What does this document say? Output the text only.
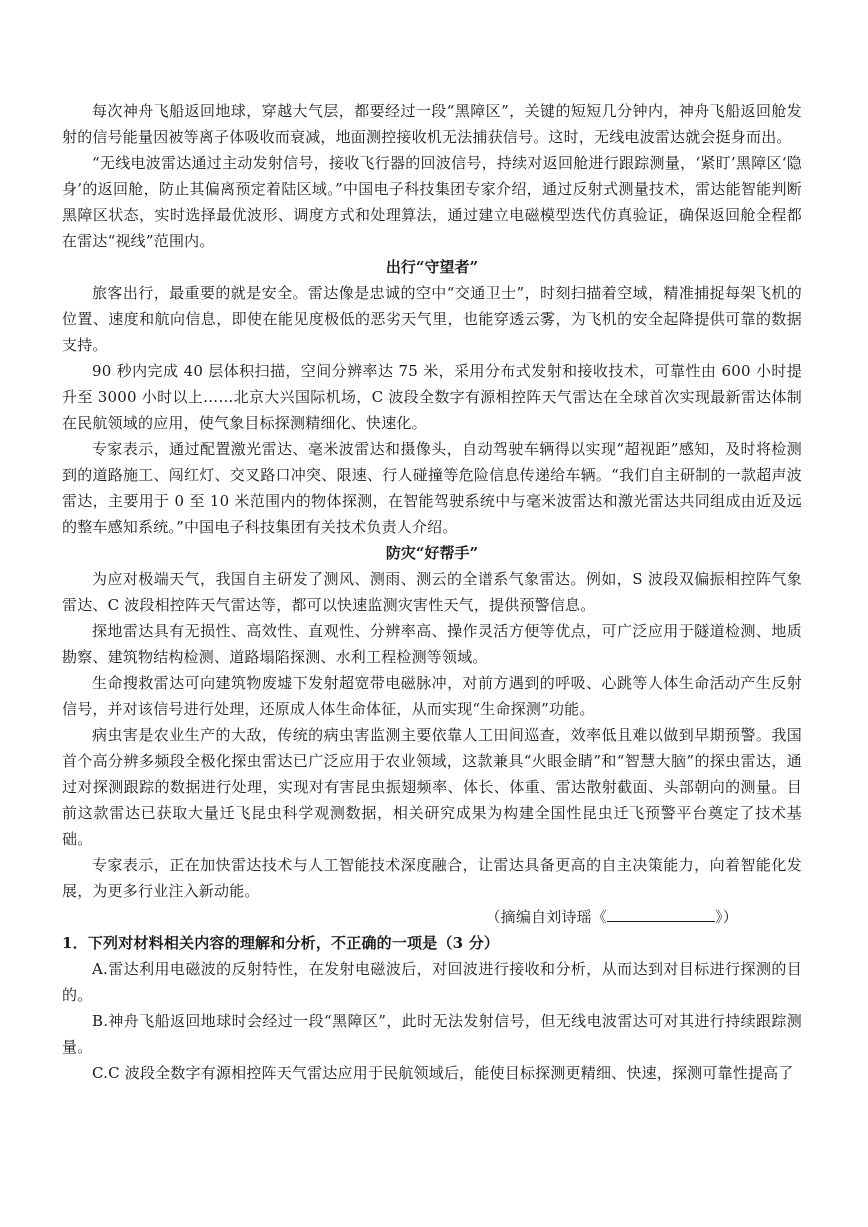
每次神舟飞船返回地球，穿越大气层，都要经过一段“黑障区”，关键的短短几分钟内，神舟飞船返回舱发射的信号能量因被等离子体吸收而衰减，地面测控接收机无法捕获信号。这时，无线电波雷达就会挺身而出。

“无线电波雷达通过主动发射信号，接收飞行器的回波信号，持续对返回舱进行跟踪测量，‘紧盯’黑障区‘隐身’的返回舱，防止其偏离预定着陆区域。”中国电子科技集团专家介绍，通过反射式测量技术，雷达能智能判断黑障区状态，实时选择最优波形、调度方式和处理算法，通过建立电磁模型迭代仿真验证，确保返回舱全程都在雷达“视线”范围内。

出行“守望者”

旅客出行，最重要的就是安全。雷达像是忠诚的空中“交通卫士”，时刻扫描着空域，精准捕捉每架飞机的位置、速度和航向信息，即使在能见度极低的恶劣天气里，也能穿透云雾，为飞机的安全起降提供可靠的数据支持。

90 秒内完成 40 层体积扫描，空间分辨率达 75 米，采用分布式发射和接收技术，可靠性由 600 小时提升至 3000 小时以上……北京大兴国际机场，C 波段全数字有源相控阵天气雷达在全球首次实现最新雷达体制在民航领域的应用，使气象目标探测精细化、快速化。

专家表示，通过配置激光雷达、毫米波雷达和摄像头，自动驾驶车辆得以实现“超视距”感知，及时将检测到的道路施工、闯红灯、交叉路口冲突、限速、行人碰撞等危险信息传递给车辆。“我们自主研制的一款超声波雷达，主要用于 0 至 10 米范围内的物体探测，在智能驾驶系统中与毫米波雷达和激光雷达共同组成由近及远的整车感知系统。”中国电子科技集团有关技术负责人介绍。

防灾“好帮手”

为应对极端天气，我国自主研发了测风、测雨、测云的全谱系气象雷达。例如，S 波段双偏振相控阵气象雷达、C 波段相控阵天气雷达等，都可以快速监测灾害性天气，提供预警信息。

探地雷达具有无损性、高效性、直观性、分辨率高、操作灵活方便等优点，可广泛应用于隧道检测、地质勘察、建筑物结构检测、道路塌陷探测、水利工程检测等领域。

生命搜救雷达可向建筑物废墟下发射超宽带电磁脉冲，对前方遇到的呼吸、心跳等人体生命活动产生反射信号，并对该信号进行处理，还原成人体生命体征，从而实现“生命探测”功能。

病虫害是农业生产的大敌，传统的病虫害监测主要依靠人工田间巡查，效率低且难以做到早期预警。我国首个高分辨多频段全极化探虫雷达已广泛应用于农业领域，这款兼具“火眼金睛”和“智慧大脑”的探虫雷达，通过对探测跟踪的数据进行处理，实现对有害昆虫振翅频率、体长、体重、雷达散射截面、头部朝向的测量。目前这款雷达已获取大量迁飞昆虫科学观测数据，相关研究成果为构建全国性昆虫迁飞预警平台奠定了技术基础。

专家表示，正在加快雷达技术与人工智能技术深度融合，让雷达具备更高的自主决策能力，向着智能化发展，为更多行业注入新动能。

（摘编自刘诗瑶《	》）

1．下列对材料相关内容的理解和分析，不正确的一项是（3 分）

A.雷达利用电磁波的反射特性，在发射电磁波后，对回波进行接收和分析，从而达到对目标进行探测的目的。

B.神舟飞船返回地球时会经过一段“黑障区”，此时无法发射信号，但无线电波雷达可对其进行持续跟踪测量。

C.C 波段全数字有源相控阵天气雷达应用于民航领域后，能使目标探测更精细、快速，探测可靠性提高了
